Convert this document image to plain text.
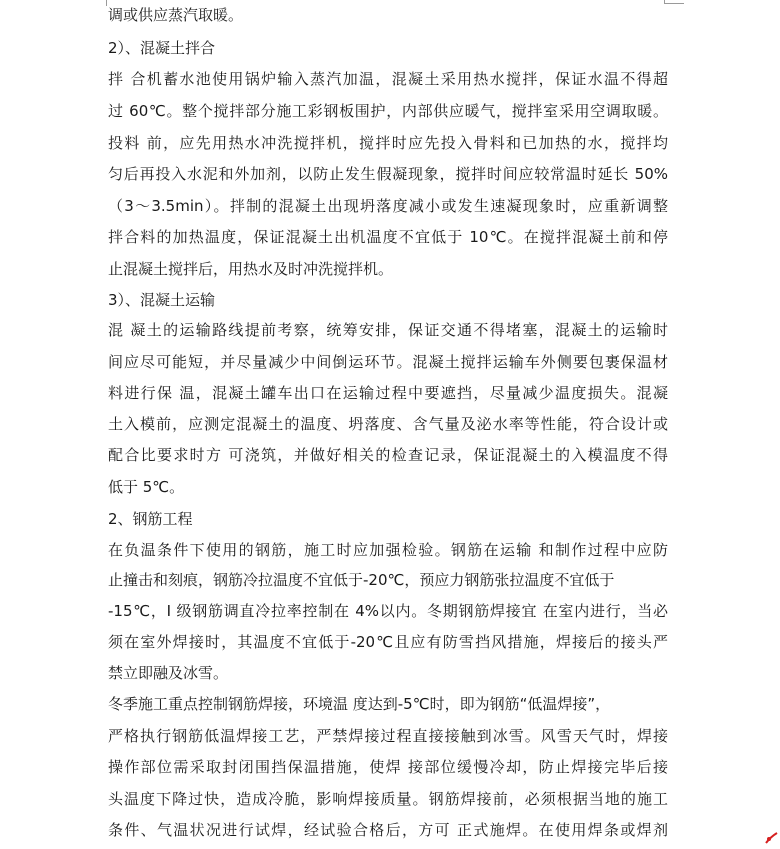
调或供应蒸汽取暖。
2）、混凝土拌合
拌 合机蓄水池使用锅炉输入蒸汽加温，混凝土采用热水搅拌，保证水温不得超
过 60℃。整个搅拌部分施工彩钢板围护，内部供应暖气，搅拌室采用空调取暖。
投料 前，应先用热水冲洗搅拌机，搅拌时应先投入骨料和已加热的水，搅拌均
匀后再投入水泥和外加剂，以防止发生假凝现象，搅拌时间应较常温时延长 50%
（3～3.5min）。拌制的混凝土出现坍落度减小或发生速凝现象时，应重新调整
拌合料的加热温度，保证混凝土出机温度不宜低于 10℃。在搅拌混凝土前和停
止混凝土搅拌后，用热水及时冲洗搅拌机。
3）、混凝土运输
混 凝土的运输路线提前考察，统筹安排，保证交通不得堵塞，混凝土的运输时
间应尽可能短，并尽量减少中间倒运环节。混凝土搅拌运输车外侧要包裹保温材
料进行保 温，混凝土罐车出口在运输过程中要遮挡，尽量减少温度损失。混凝
土入模前，应测定混凝土的温度、坍落度、含气量及泌水率等性能，符合设计或
配合比要求时方 可浇筑，并做好相关的检查记录，保证混凝土的入模温度不得
低于 5℃。
2、钢筋工程
在负温条件下使用的钢筋，施工时应加强检验。钢筋在运输 和制作过程中应防
止撞击和刻痕，钢筋冷拉温度不宜低于-20℃，预应力钢筋张拉温度不宜低于
-15℃，I 级钢筋调直冷拉率控制在 4%以内。冬期钢筋焊接宜 在室内进行，当必
须在室外焊接时，其温度不宜低于-20℃且应有防雪挡风措施，焊接后的接头严
禁立即融及冰雪。
冬季施工重点控制钢筋焊接，环境温 度达到-5℃时，即为钢筋“低温焊接”，
严格执行钢筋低温焊接工艺，严禁焊接过程直接接触到冰雪。风雪天气时，焊接
操作部位需采取封闭围挡保温措施，使焊 接部位缓慢冷却，防止焊接完毕后接
头温度下降过快，造成冷脆，影响焊接质量。钢筋焊接前，必须根据当地的施工
条件、气温状况进行试焊，经试验合格后，方可 正式施焊。在使用焊条或焊剂
